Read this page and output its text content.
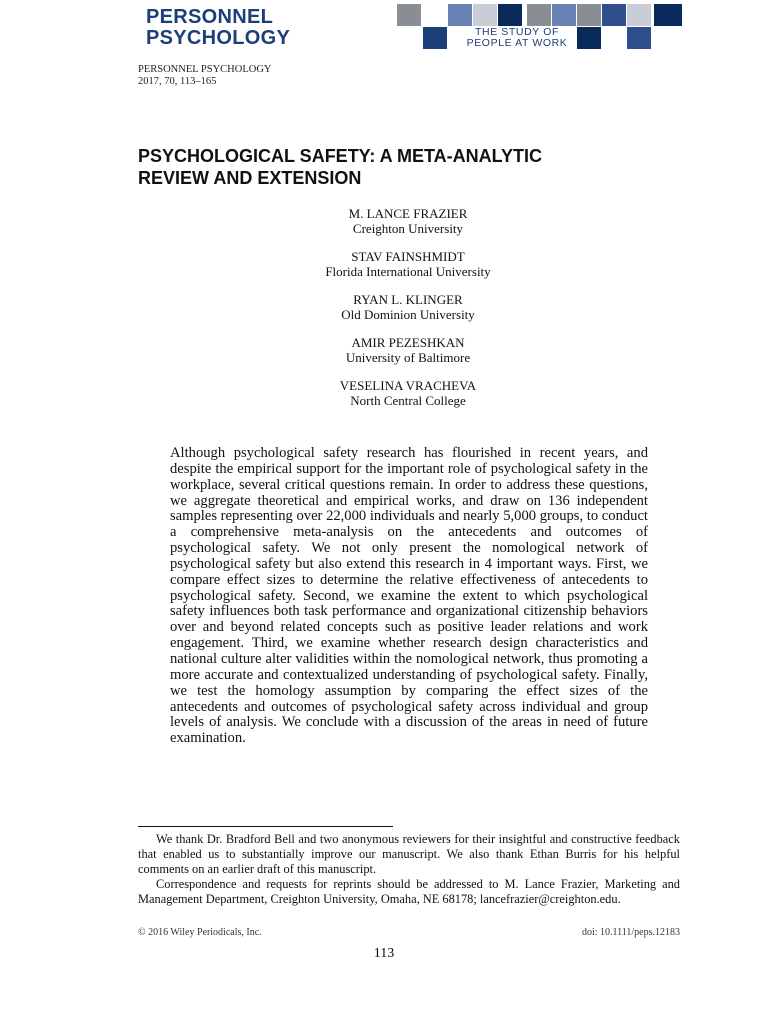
PERSONNEL
PSYCHOLOGY	THE STUDY OF
PEOPLE AT WORK
PERSONNEL PSYCHOLOGY
2017, 70, 113–165
PSYCHOLOGICAL SAFETY: A META-ANALYTIC
REVIEW AND EXTENSION
M. LANCE FRAZIER
Creighton University
STAV FAINSHMIDT
Florida International University
RYAN L. KLINGER
Old Dominion University
AMIR PEZESHKAN
University of Baltimore
VESELINA VRACHEVA
North Central College

Although psychological safety research has flourished in recent years, and despite the empirical support for the important role of psychological safety in the workplace, several critical questions remain. In order to address these questions, we aggregate theoretical and empirical works, and draw on 136 independent samples representing over 22,000 individuals and nearly 5,000 groups, to conduct a comprehensive meta-analysis on the antecedents and outcomes of psychological safety. We not only present the nomological network of psychological safety but also extend this research in 4 important ways. First, we compare effect sizes to determine the relative effectiveness of antecedents to psychological safety. Second, we examine the extent to which psychological safety influences both task performance and organizational citizenship behaviors over and beyond related concepts such as positive leader relations and work engagement. Third, we examine whether research design characteristics and national culture alter validities within the nomological network, thus promoting a more accurate and contextualized understanding of psychological safety. Finally, we test the homology assumption by comparing the effect sizes of the antecedents and outcomes of psychological safety across individual and group levels of analysis. We conclude with a discussion of the areas in need of future examination.

We thank Dr. Bradford Bell and two anonymous reviewers for their insightful and constructive feedback that enabled us to substantially improve our manuscript. We also thank Ethan Burris for his helpful comments on an earlier draft of this manuscript.

Correspondence and requests for reprints should be addressed to M. Lance Frazier, Marketing and Management Department, Creighton University, Omaha, NE 68178; lancefrazier@creighton.edu.

© 2016 Wiley Periodicals, Inc.	doi: 10.1111/peps.12183
113
